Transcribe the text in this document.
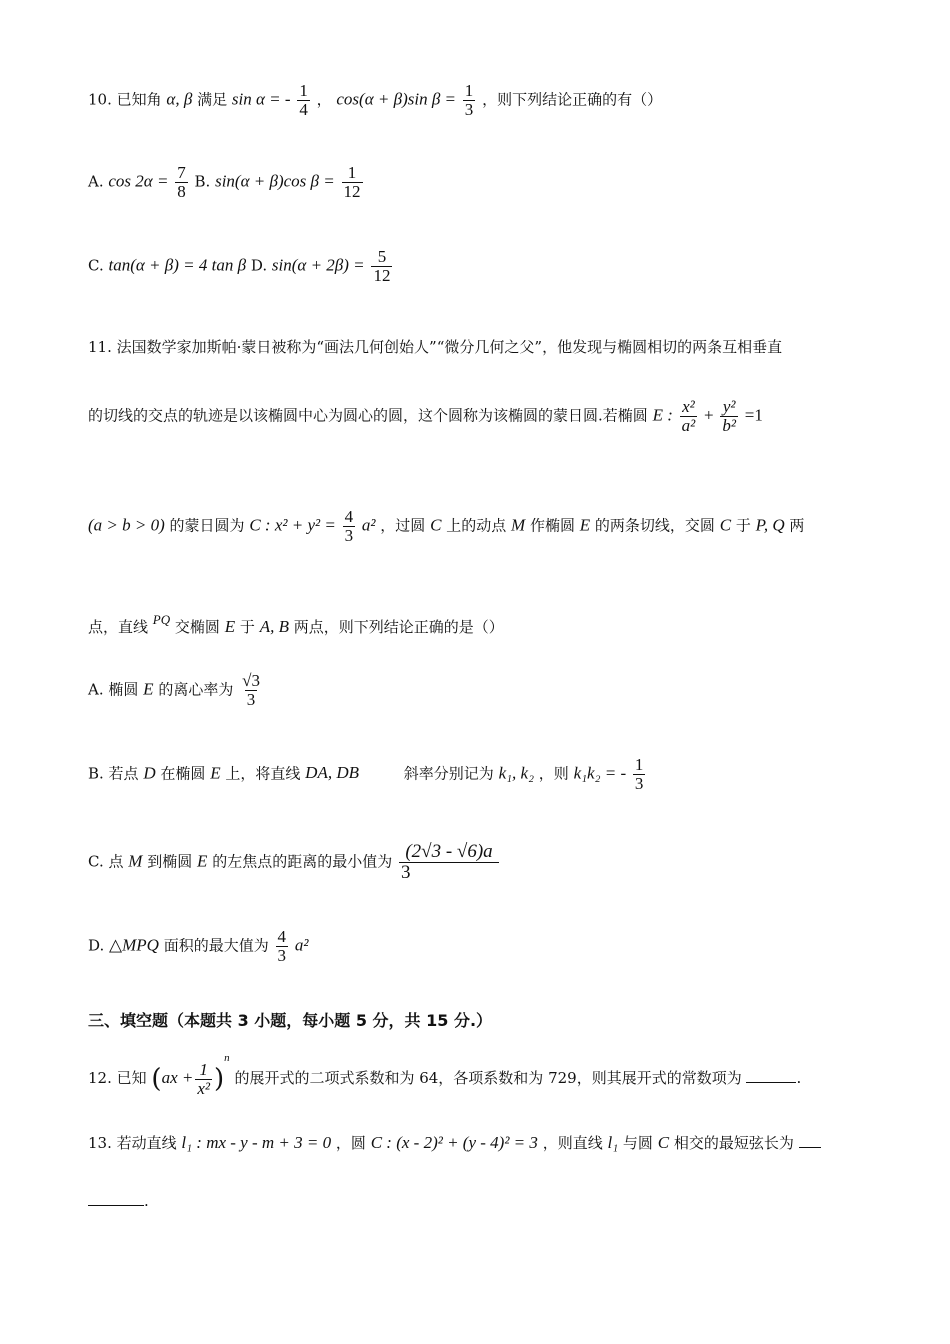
10. 已知角 α, β 满足 sin α = - $\frac{1}{4}$ ， cos(α + β)sin $\beta = \frac{1}{3}$ ，则下列结论正确的有（）
A. $\cos 2\alpha = \frac{7}{8} B$. sin(α + β)cos $\beta = \frac{1}{12}$
C. tan(α + β) = 4 tan β D. $\sin(\alpha + 2\beta) = \frac{5}{12}$
11. 法国数学家加斯帕·蒙日被称为“画法几何创始人”“微分几何之父”，他发现与椭圆相切的两条互相垂直
的切线的交点的轨迹是以该椭圆中心为圆心的圆，这个圆称为该椭圆的蒙日圆.若椭圆 E : $\frac{\text{x²}}{\text{a²}} + \frac{\text{y²}}{\text{b²}} =1$
(a > b > 0) 的蒙日圆为 C : $x^2 + y^2 = \frac{4}{3} a^2$ ，过圆 C 上的动点 M 作椭圆 E 的两条切线，交圆 C 于 P, Q 两
点，直线 PQ 交椭圆 E 于 A, B 两点，则下列结论正确的是（）
A. 椭圆 E 的离心率为 $\frac{√3}{3}$
B. 若点 D 在椭圆 E 上，将直线 DA, DB	斜率分别记为 k₁, k₂ ，则 k₁k₂ = - $\frac{1}{3}$
C. 点 M 到椭圆 E 的左焦点的距离的最小值为 $\frac{(2√3 - √6)a}{3}$
D. △MPQ 面积的最大值为 $\frac{4}{3} a^2$
三、填空题（本题共 3 小题，每小题 5 分，共 15 分.）
12. 已知 $(ax + \frac{1}{\text{x²}} )^n$ 的展开式的二项式系数和为 64，各项系数和为 729，则其展开式的常数项为	.
13. 若动直线 l₁ : mx - y - m + 3 = 0 ，圆 C : (x - 2)² + (y - 4)² = 3 ，则直线 l₁ 与圆 C 相交的最短弦长为
.
